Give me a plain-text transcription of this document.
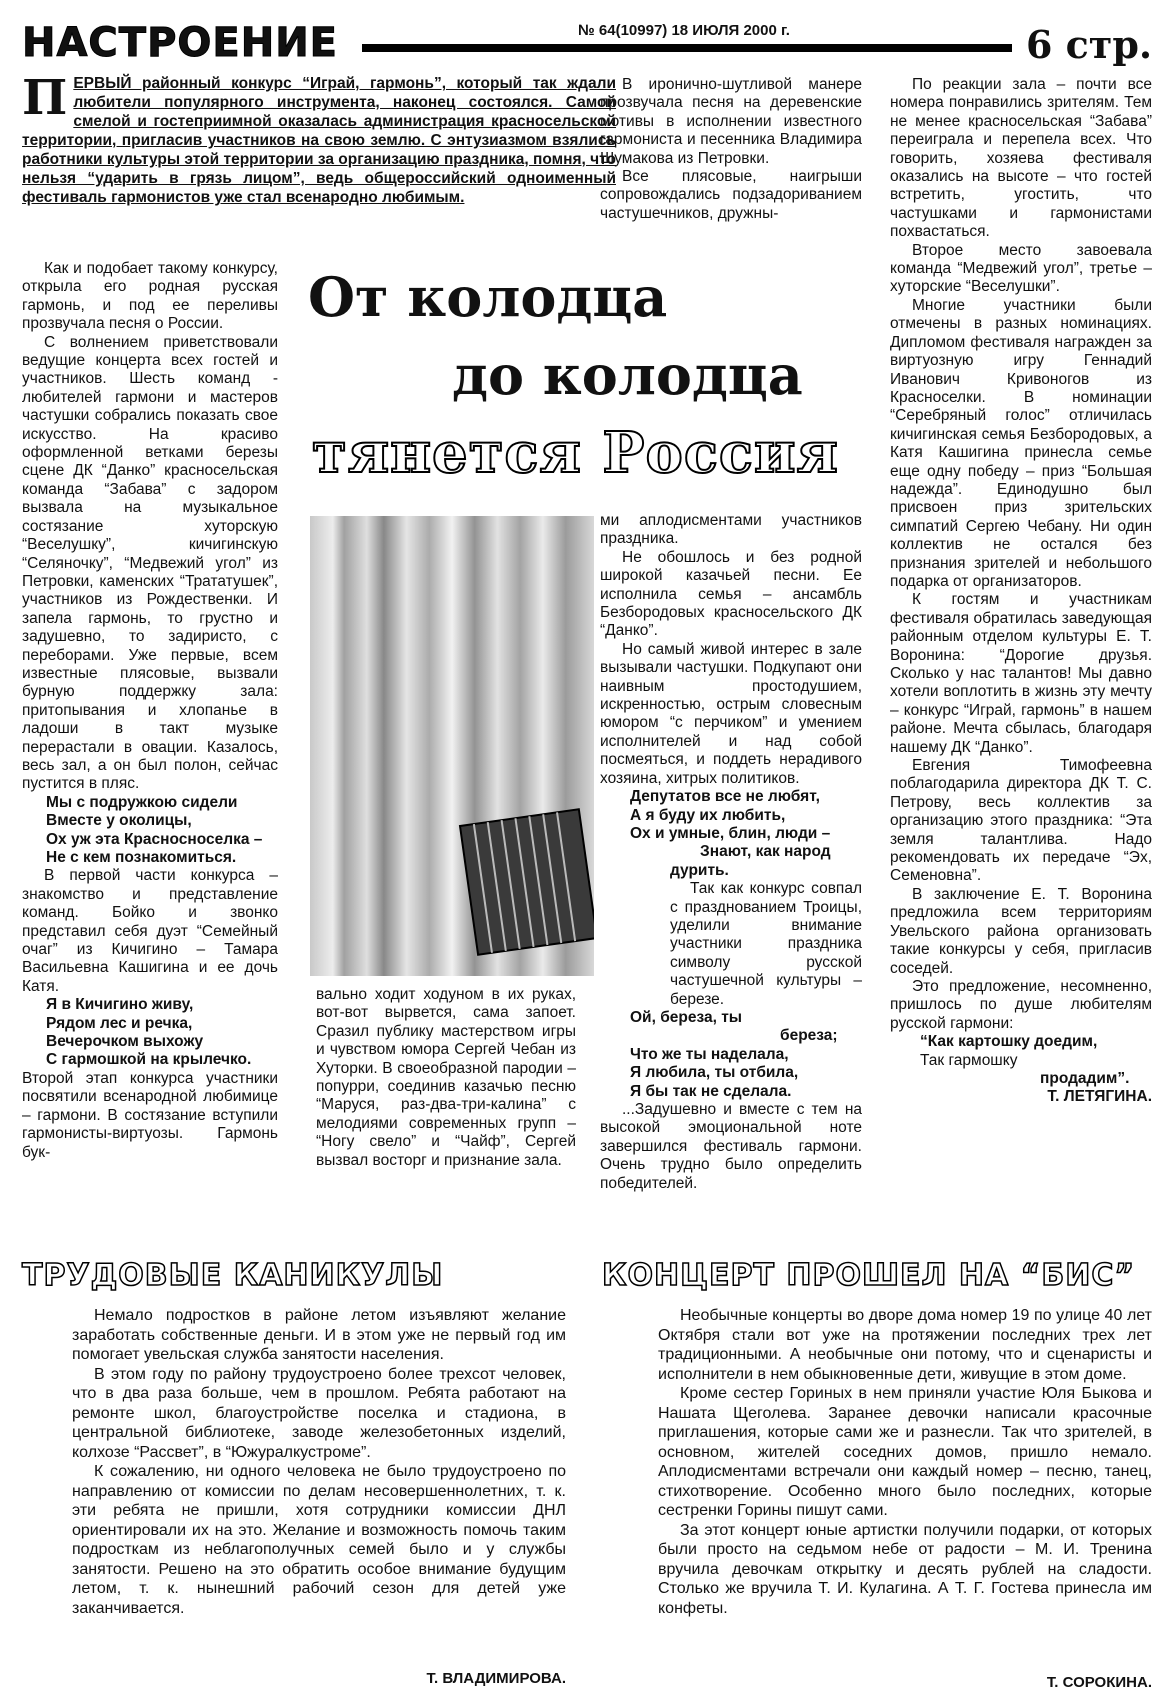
НАСТРОЕНИЕ	№ 64(10997) 18 ИЮЛЯ 2000 г.	6 стр.
П ЕРВЫЙ районный конкурс “Играй, гармонь”, который так ждали любители популярного инструмента, наконец состоялся. Самой смелой и гостеприимной оказалась администрация красносельской территории, пригласив участников на свою землю. С энтузиазмом взялись работники культуры этой территории за организацию праздника, помня, что нельзя “ударить в грязь лицом”, ведь общероссийский одноименный фестиваль гармонистов уже стал всенародно любимым.
От колодца
до колодца
тянется Россия

Как и подобает такому конкурсу, открыла его родная русская гармонь, и под ее переливы прозвучала песня о России.

С волнением приветствовали ведущие концерта всех гостей и участников. Шесть команд - любителей гармони и мастеров частушки собрались показать свое искусство. На красиво оформленной ветками березы сцене ДК “Данко” красносельская команда “Забава” с задором вызвала на музыкальное состязание хуторскую “Веселушку”, кичигинскую “Селяночку”, “Медвежий угол” из Петровки, каменских “Трататушек”, участников из Рождественки. И запела гармонь, то грустно и задушевно, то задиристо, с переборами. Уже первые, всем известные плясовые, вызвали бурную поддержку зала: притопывания и хлопанье в ладоши в такт музыке перерастали в овации. Казалось, весь зал, а он был полон, сейчас пустится в пляс.

Мы с подружкою сидели

Вместе у околицы,

Ох уж эта Красносноселка –

Не с кем познакомиться.

В первой части конкурса – знакомство и представление команд. Бойко и звонко представил себя дуэт “Семейный очаг” из Кичигино – Тамара Васильевна Кашигина и ее дочь Катя.

Я в Кичигино живу,

Рядом лес и речка,

Вечерочком выхожу

С гармошкой на крылечко.

Второй этап конкурса участники посвятили всенародной любимице – гармони. В состязание вступили гармонисты-виртуозы. Гармонь бук-

вально ходит ходуном в их руках, вот-вот вырвется, сама запоет. Сразил публику мастерством игры и чувством юмора Сергей Чебан из Хуторки. В своеобразной пародии – попурри, соединив казачью песню “Маруся, раз-два-три-калина” с мелодиями современных групп – “Ногу свело” и “Чайф”, Сергей вызвал восторг и признание зала.

В иронично-шутливой манере прозвучала песня на деревенские мотивы в исполнении известного гармониста и песенника Владимира Шумакова из Петровки.

Все плясовые, наигрыши сопровождались подзадориванием частушечников, дружны-

ми аплодисментами участников праздника.

Не обошлось и без родной широкой казачьей песни. Ее исполнила семья – ансамбль Безбородовых красносельского ДК “Данко”.

Но самый живой интерес в зале вызывали частушки. Подкупают они наивным простодушием, искренностью, острым словесным юмором “с перчиком” и умением исполнителей и над собой посмеяться, и поддеть нерадивого хозяина, хитрых политиков.

Депутатов все не любят,

А я буду их любить,

Ох и умные, блин, люди –

Знают, как народ

дурить.

Так как конкурс совпал с празднованием Троицы, уделили внимание участники праздника символу русской частушечной культуры – березе.

Ой, береза, ты

береза;

Что же ты наделала,

Я любила, ты отбила,

Я бы так не сделала.

...Задушевно и вместе с тем на высокой эмоциональной ноте завершился фестиваль гармони. Очень трудно было определить победителей.

По реакции зала – почти все номера понравились зрителям. Тем не менее красносельская “Забава” переиграла и перепела всех. Что говорить, хозяева фестиваля оказались на высоте – что гостей встретить, угостить, что частушками и гармонистами похвастаться.

Второе место завоевала команда “Медвежий угол”, третье – хуторские “Веселушки”.

Многие участники были отмечены в разных номинациях. Дипломом фестиваля награжден за виртуозную игру Геннадий Иванович Кривоногов из Красноселки. В номинации “Серебряный голос” отличилась кичигинская семья Безбородовых, а Катя Кашигина принесла семье еще одну победу – приз “Большая надежда”. Единодушно был присвоен приз зрительских симпатий Сергею Чебану. Ни один коллектив не остался без признания зрителей и небольшого подарка от организаторов.

К гостям и участникам фестиваля обратилась заведующая районным отделом культуры Е. Т. Воронина: “Дорогие друзья. Сколько у нас талантов! Мы давно хотели воплотить в жизнь эту мечту – конкурс “Играй, гармонь” в нашем районе. Мечта сбылась, благодаря нашему ДК “Данко”.

Евгения Тимофеевна поблагодарила директора ДК Т. С. Петрову, весь коллектив за организацию этого праздника: “Эта земля талантлива. Надо рекомендовать их передаче “Эх, Семеновна”.

В заключение Е. Т. Воронина предложила всем территориям Увельского района организовать такие конкурсы у себя, пригласив соседей.

Это предложение, несомненно, пришлось по душе любителям русской гармони:

“Как картошку доедим,

Так гармошку

продадим”.

Т. ЛЕТЯГИНА.

ТРУДОВЫЕ КАНИКУЛЫ

Немало подростков в районе летом изъявляют желание заработать собственные деньги. И в этом уже не первый год им помогает увельская служба занятости населения.

В этом году по району трудоустроено более трехсот человек, что в два раза больше, чем в прошлом. Ребята работают на ремонте школ, благоустройстве поселка и стадиона, в центральной библиотеке, заводе железобетонных изделий, колхозе “Рассвет”, в “Южуралкустроме”.

К сожалению, ни одного человека не было трудоустроено по направлению от комиссии по делам несовершеннолетних, т. к. эти ребята не пришли, хотя сотрудники комиссии ДНЛ ориентировали их на это. Желание и возможность помочь таким подросткам из неблагополучных семей было и у службы занятости. Решено на это обратить особое внимание будущим летом, т. к. нынешний рабочий сезон для детей уже заканчивается.

Т. ВЛАДИМИРОВА.
КОНЦЕРТ ПРОШЕЛ НА “БИС”

Необычные концерты во дворе дома номер 19 по улице 40 лет Октября стали вот уже на протяжении последних трех лет традиционными. А необычные они потому, что и сценаристы и исполнители в нем обыкновенные дети, живущие в этом доме.

Кроме сестер Гориных в нем приняли участие Юля Быкова и Нашата Щеголева. Заранее девочки написали красочные приглашения, которые сами же и разнесли. Так что зрителей, в основном, жителей соседних домов, пришло немало. Аплодисментами встречали они каждый номер – песню, танец, стихотворение. Особенно много было последних, которые сестренки Горины пишут сами.

За этот концерт юные артистки получили подарки, от которых были просто на седьмом небе от радости – М. И. Тренина вручила девочкам открытку и десять рублей на сладости. Столько же вручила Т. И. Кулагина. А Т. Г. Гостева принесла им конфеты.

Т. СОРОКИНА.
